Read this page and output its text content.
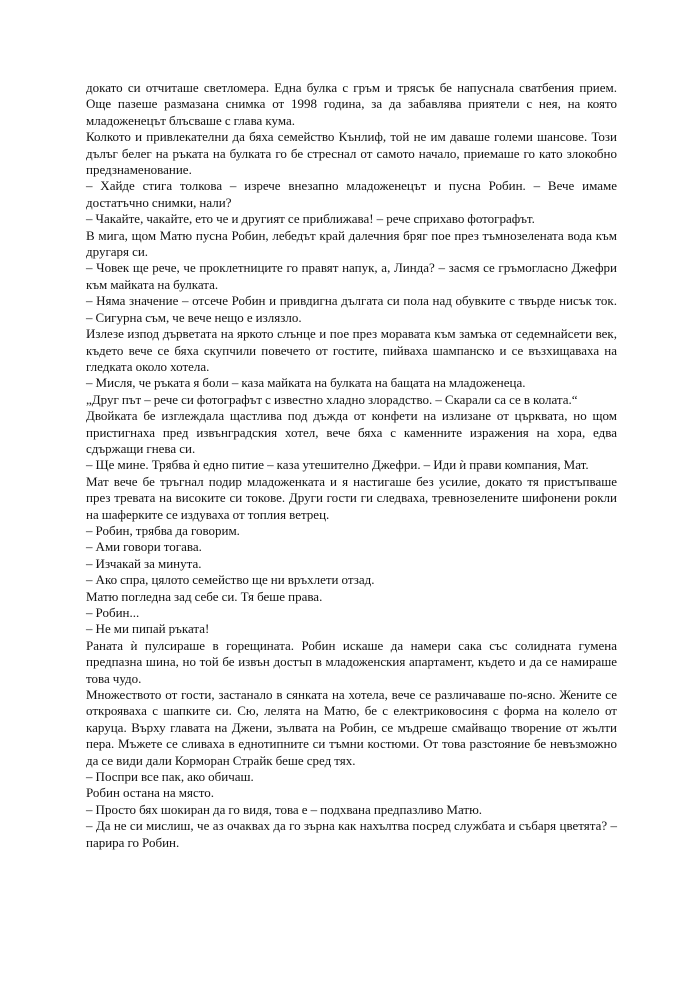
докато си отчиташе светломера. Една булка с гръм и трясък бе напуснала сватбения прием. Още пазеше размазана снимка от 1998 година, за да забавлява приятели с нея, на която младоженецът блъсваше с глава кума.

Колкото и привлекателни да бяха семейство Кънлиф, той не им даваше големи шансове. Този дълъг белег на ръката на булката го бе стреснал от самото начало, приемаше го като злокобно предзнаменование.

– Хайде стига толкова – изрече внезапно младоженецът и пусна Робин. – Вече имаме достатъчно снимки, нали?

– Чакайте, чакайте, ето че и другият се приближава! – рече сприхаво фотографът.

В мига, щом Матю пусна Робин, лебедът край далечния бряг пое през тъмнозелената вода към другаря си.

– Човек ще рече, че проклетниците го правят напук, а, Линда? – засмя се гръмогласно Джефри към майката на булката.

– Няма значение – отсече Робин и привдигна дългата си пола над обувките с твърде нисък ток. – Сигурна съм, че вече нещо е излязло.

Излезе изпод дърветата на яркото слънце и пое през моравата към замъка от седемнайсети век, където вече се бяха скупчили повечето от гостите, пийваха шампанско и се възхищаваха на гледката около хотела.

– Мисля, че ръката я боли – каза майката на булката на бащата на младоженеца.

„Друг път – рече си фотографът с известно хладно злорадство. – Скарали са се в колата.“

Двойката бе изглеждала щастлива под дъжда от конфети на излизане от църквата, но щом пристигнаха пред извънградския хотел, вече бяха с каменните изражения на хора, едва сдържащи гнева си.

– Ще мине. Трябва ѝ едно питие – каза утешително Джефри. – Иди ѝ прави компания, Мат.

Мат вече бе тръгнал подир младоженката и я настигаше без усилие, докато тя пристъпваше през тревата на високите си токове. Други гости ги следваха, тревнозелените шифонени рокли на шаферките се издуваха от топлия ветрец.

– Робин, трябва да говорим.

– Ами говори тогава.

– Изчакай за минута.

– Ако спра, цялото семейство ще ни връхлети отзад.

Матю погледна зад себе си. Тя беше права.

– Робин...

– Не ми пипай ръката!

Раната ѝ пулсираше в горещината. Робин искаше да намери сака със солидната гумена предпазна шина, но той бе извън достъп в младоженския апартамент, където и да се намираше това чудо.

Множеството от гости, застанало в сянката на хотела, вече се различаваше по-ясно. Жените се открояваха с шапките си. Сю, лелята на Матю, бе с електриковосиня с форма на колело от каруца. Върху главата на Джени, зълвата на Робин, се мъдреше смайващо творение от жълти пера. Мъжете се сливаха в еднотипните си тъмни костюми. От това разстояние бе невъзможно да се види дали Корморан Страйк беше сред тях.

– Поспри все пак, ако обичаш.

Робин остана на място.

– Просто бях шокиран да го видя, това е – подхвана предпазливо Матю.

– Да не си мислиш, че аз очаквах да го зърна как нахълтва посред службата и събаря цветята? – парира го Робин.
